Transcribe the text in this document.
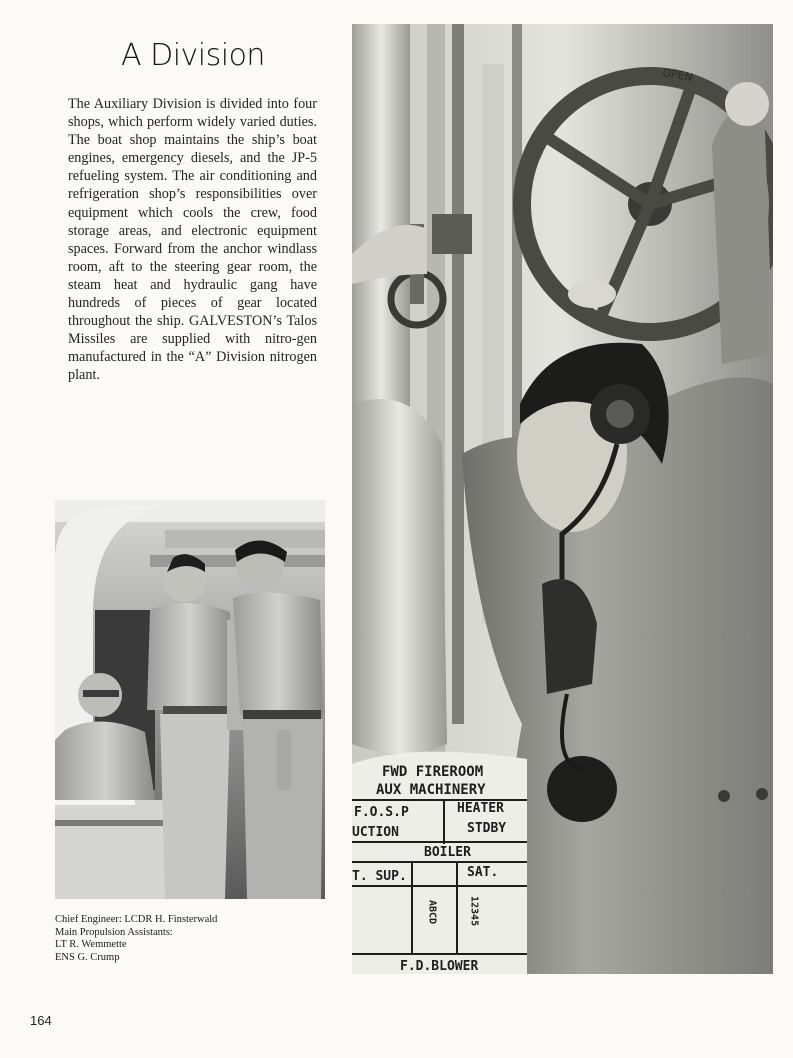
A Division
The Auxiliary Division is divided into four shops, which perform widely varied duties. The boat shop maintains the ship’s boat engines, emergency diesels, and the JP-5 refueling system. The air conditioning and refrigeration shop’s responsibilities over equipment which cools the crew, food storage areas, and electronic equipment spaces. Forward from the anchor windlass room, aft to the steering gear room, the steam heat and hydraulic gang have hundreds of pieces of gear located throughout the ship. GALVESTON’s Talos Missiles are supplied with nitro-gen manufactured in the “A” Division nitrogen plant.
OPEN
FWD FIREROOM
AUX MACHINERY
F.O.S.P	HEATER
UCTION	STDBY
BOILER
T. SUP.	SAT.
ABCD	12345
F.D.BLOWER
Chief Engineer: LCDR H. Finsterwald
Main Propulsion Assistants:
LT R. Wemmette
ENS G. Crump
164
